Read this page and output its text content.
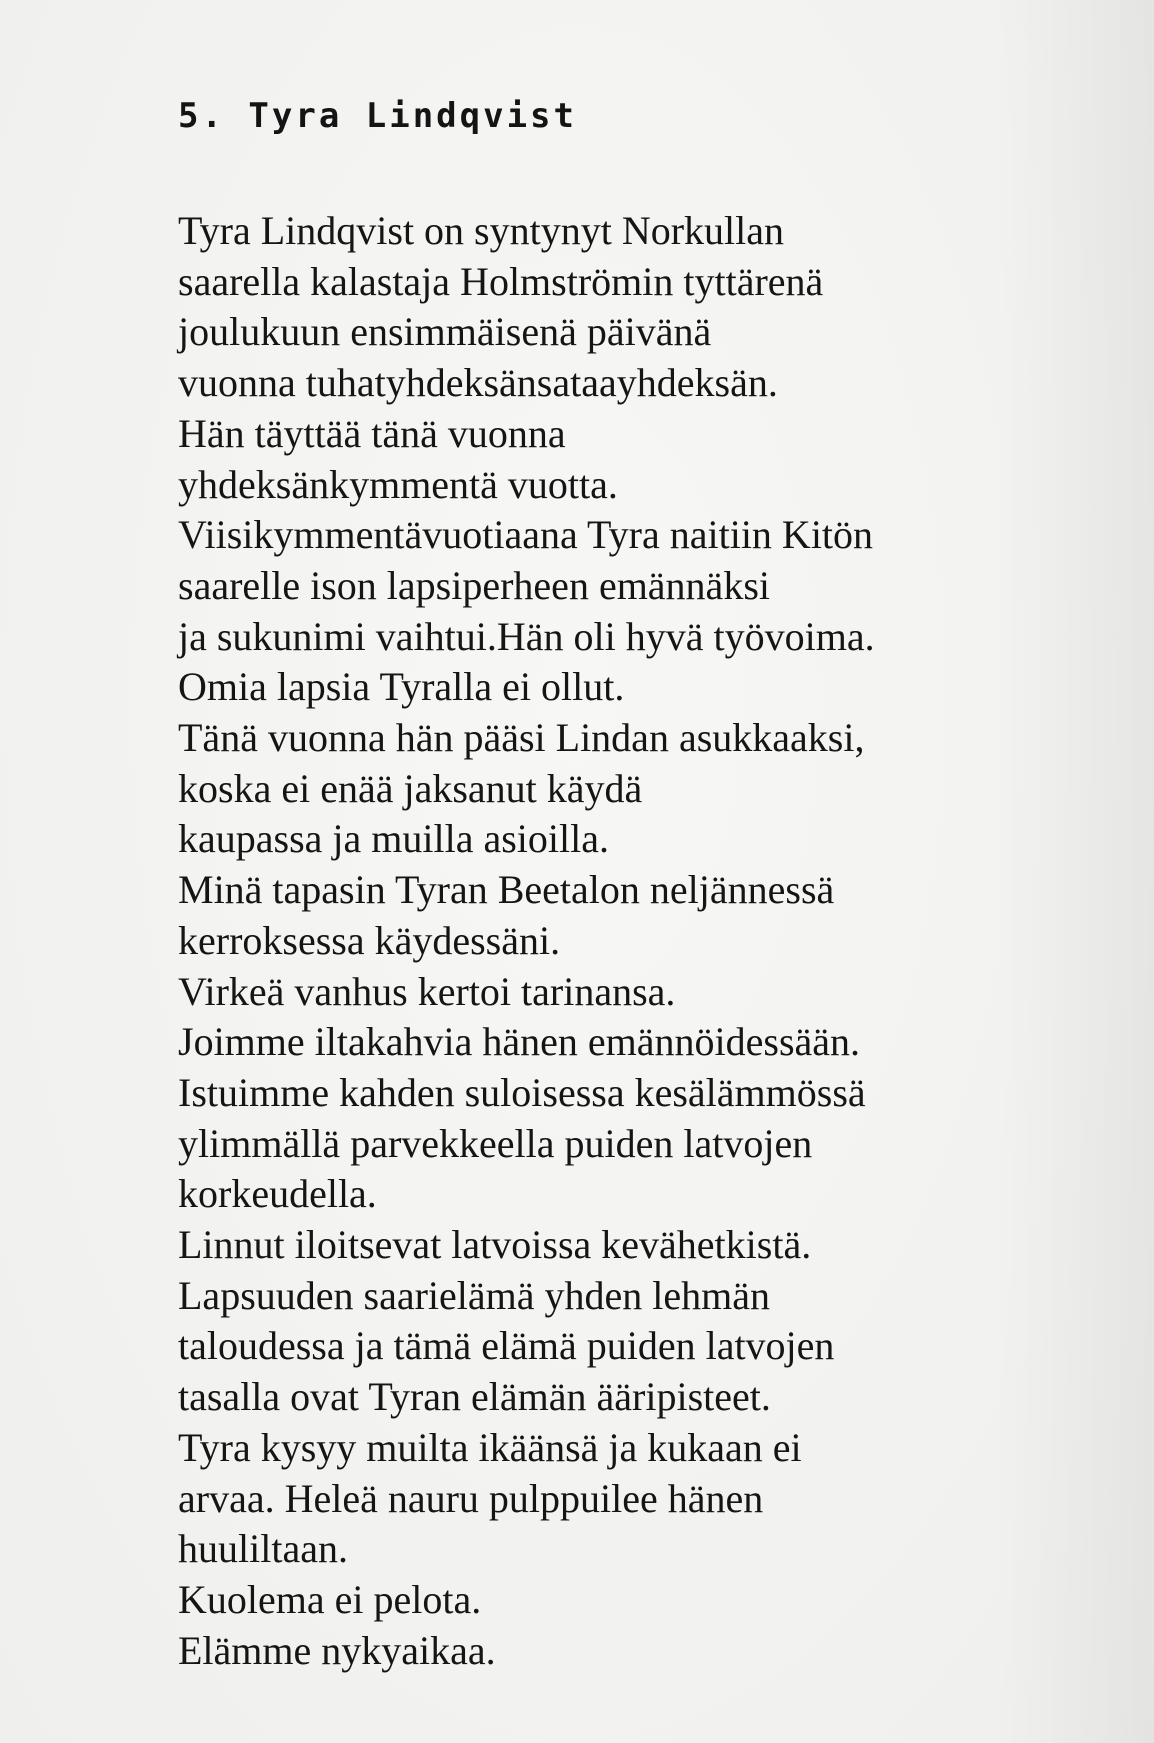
5. Tyra Lindqvist
Tyra Lindqvist on syntynyt Norkullan
saarella kalastaja Holmströmin tyttärenä
joulukuun ensimmäisenä päivänä
vuonna tuhatyhdeksänsataayhdeksän.
Hän täyttää tänä vuonna
yhdeksänkymmentä vuotta.
Viisikymmentävuotiaana Tyra naitiin Kitön
saarelle ison lapsiperheen emännäksi
ja sukunimi vaihtui.Hän oli hyvä työvoima.
Omia lapsia Tyralla ei ollut.
Tänä vuonna hän pääsi Lindan asukkaaksi,
koska ei enää jaksanut käydä
kaupassa ja muilla asioilla.
Minä tapasin Tyran Beetalon neljännessä
kerroksessa käydessäni.
Virkeä vanhus kertoi tarinansa.
Joimme iltakahvia hänen emännöidessään.
Istuimme kahden suloisessa kesälämmössä
ylimmällä parvekkeella puiden latvojen
korkeudella.
Linnut iloitsevat latvoissa kevähetkistä.
Lapsuuden saarielämä yhden lehmän
taloudessa ja tämä elämä puiden latvojen
tasalla ovat Tyran elämän ääripisteet.
Tyra kysyy muilta ikäänsä ja kukaan ei
arvaa. Heleä nauru pulppuilee hänen
huuliltaan.
Kuolema ei pelota.
Elämme nykyaikaa.
